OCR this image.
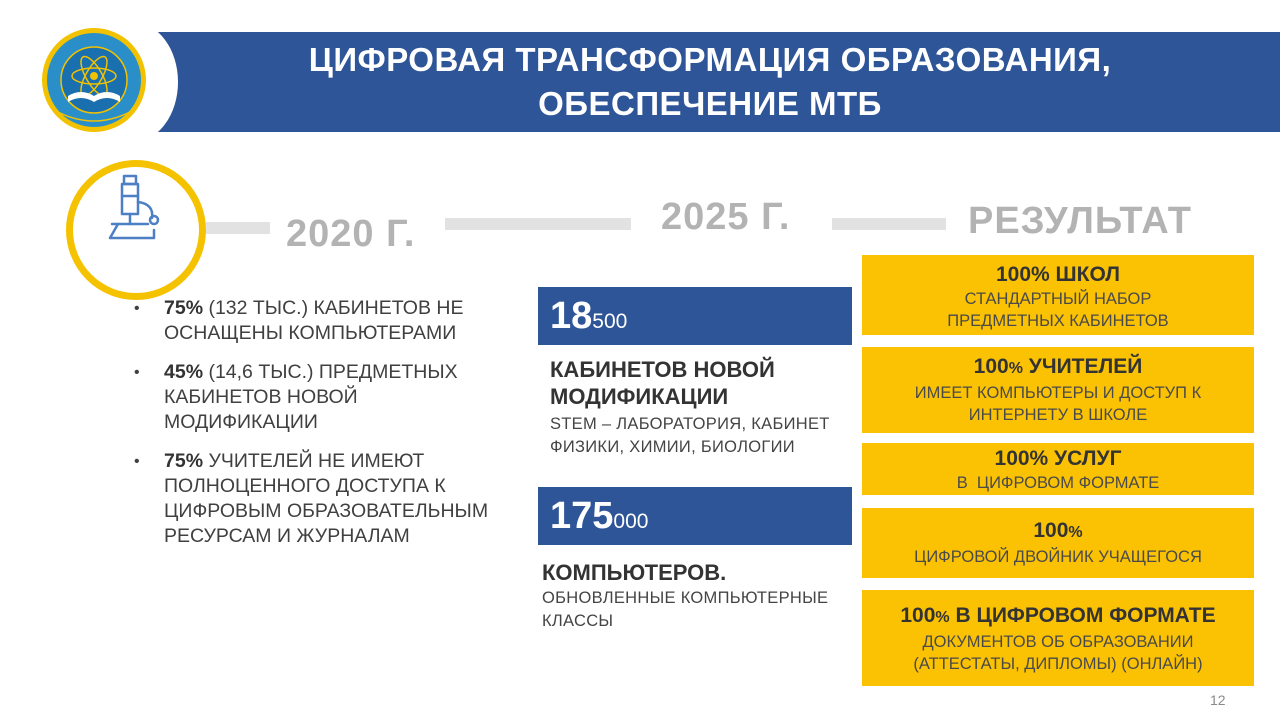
ЦИФРОВАЯ ТРАНСФОРМАЦИЯ ОБРАЗОВАНИЯ,
ОБЕСПЕЧЕНИЕ МТБ
2020 Г.	2025 Г.	РЕЗУЛЬТАТ
• 75% (132 ТЫС.) КАБИНЕТОВ НЕ ОСНАЩЕНЫ КОМПЬЮТЕРАМИ
• 45% (14,6 ТЫС.) ПРЕДМЕТНЫХ КАБИНЕТОВ НОВОЙ МОДИФИКАЦИИ
• 75% УЧИТЕЛЕЙ НЕ ИМЕЮТ ПОЛНОЦЕННОГО ДОСТУПА К ЦИФРОВЫМ ОБРАЗОВАТЕЛЬНЫМ РЕСУРСАМ И ЖУРНАЛАМ
18500
КАБИНЕТОВ НОВОЙ МОДИФИКАЦИИ
STEM – ЛАБОРАТОРИЯ, КАБИНЕТ ФИЗИКИ, ХИМИИ, БИОЛОГИИ
175000
КОМПЬЮТЕРОВ.
ОБНОВЛЕННЫЕ КОМПЬЮТЕРНЫЕ КЛАССЫ
100% ШКОЛ
СТАНДАРТНЫЙ НАБОР ПРЕДМЕТНЫХ КАБИНЕТОВ
100% УЧИТЕЛЕЙ
ИМЕЕТ КОМПЬЮТЕРЫ И ДОСТУП К ИНТЕРНЕТУ В ШКОЛЕ
100% УСЛУГ
В  ЦИФРОВОМ ФОРМАТЕ
100%
ЦИФРОВОЙ ДВОЙНИК УЧАЩЕГОСЯ
100% В ЦИФРОВОМ ФОРМАТЕ
ДОКУМЕНТОВ ОБ ОБРАЗОВАНИИ (АТТЕСТАТЫ, ДИПЛОМЫ) (ОНЛАЙН)
12
